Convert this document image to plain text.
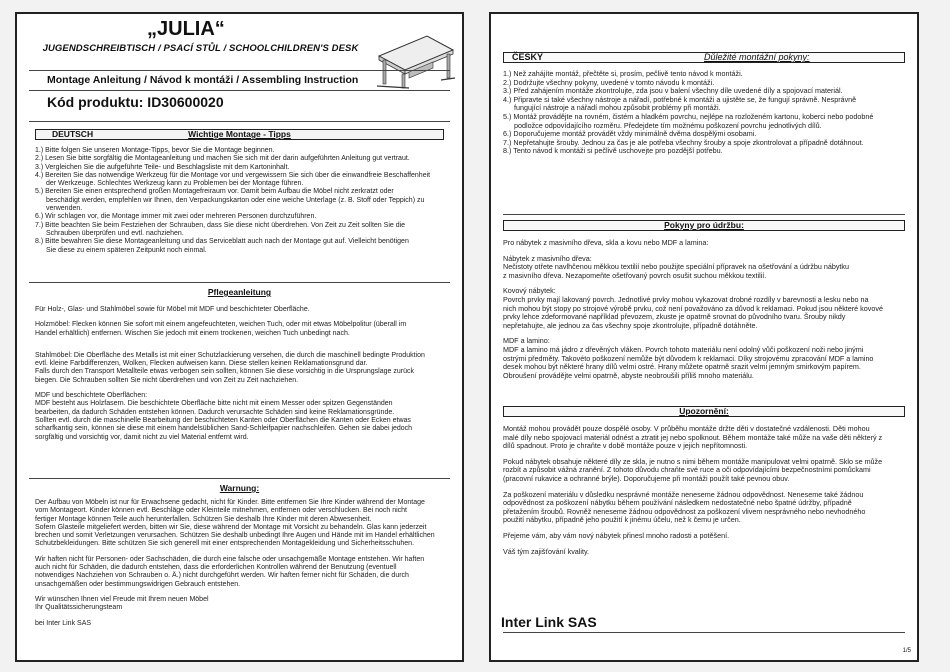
„JULIA“
JUGENDSCHREIBTISCH / PSACÍ STŮL / SCHOOLCHILDREN'S DESK
Montage Anleitung / Návod k montáži / Assembling Instruction
Kód produktu: ID30600020
DEUTSCH	Wichtige Montage - Tipps

1.) Bitte folgen Sie unseren Montage-Tipps, bevor Sie die Montage beginnen.

2.) Lesen Sie bitte sorgfältig die Montageanleitung und machen Sie sich mit der darin aufgeführten Anleitung gut vertraut.

3.) Vergleichen Sie die aufgeführte Teile- und Beschlagsliste mit dem Kartoninhalt.

4.) Bereiten Sie das notwendige Werkzeug für die Montage vor und vergewissern Sie sich über die einwandfreie Beschaffenheit

der Werkzeuge. Schlechtes Werkzeug kann zu Problemen bei der Montage führen.

5.) Bereiten Sie einen entsprechend großen Montagefreiraum vor. Damit beim Aufbau die Möbel nicht zerkratzt oder

beschädigt werden, empfehlen wir Ihnen, den Verpackungskarton oder eine weiche Unterlage (z. B. Stoff oder Teppich) zu

verwenden.

6.) Wir schlagen vor, die Montage immer mit zwei oder mehreren Personen durchzuführen.

7.) Bitte beachten Sie beim Festziehen der Schrauben, dass Sie diese nicht überdrehen. Von Zeit zu Zeit sollten Sie die

Schrauben überprüfen und evtl. nachziehen.

8.) Bitte bewahren Sie diese Montageanleitung und das Serviceblatt auch nach der Montage gut auf. Vielleicht benötigen

Sie diese zu einem späteren Zeitpunkt noch einmal.

Pflegeanleitung

Für Holz-, Glas- und Stahlmöbel sowie für Möbel mit MDF und beschichteter Oberfläche.

Holzmöbel: Flecken können Sie sofort mit einem angefeuchteten, weichen Tuch, oder mit etwas Möbelpolitur (überall im

Handel erhältlich) entfernen. Wischen Sie jedoch mit einem trockenen, weichen Tuch unbedingt nach.

Stahlmöbel: Die Oberfläche des Metalls ist mit einer Schutzlackierung versehen, die durch die maschinell bedingte Produktion

evtl. kleine Farbdifferenzen, Wolken, Flecken aufweisen kann. Diese stellen keinen Reklamationsgrund dar.

Falls durch den Transport Metallteile etwas verbogen sein sollten, können Sie diese vorsichtig in die Ursprungslage zurück

biegen. Die Schrauben sollten Sie nicht überdrehen und von Zeit zu Zeit nachziehen.

MDF und beschichtete Oberflächen:

MDF besteht aus Holzfasern. Die beschichtete Oberfläche bitte nicht mit einem Messer oder spitzen Gegenständen

bearbeiten, da dadurch Schäden entstehen können. Dadurch verursachte Schäden sind keine Reklamationsgründe.

Sollten evtl. durch die maschinelle Bearbeitung der beschichteten Kanten oder Oberflächen die Kanten oder Ecken etwas

scharfkantig sein, können sie diese mit einem handelsüblichen Sand-Schleifpapier nachschleifen. Gehen sie dabei jedoch

sorgfältig und vorsichtig vor, damit nicht zu viel Material entfernt wird.

Warnung:

Der Aufbau von Möbeln ist nur für Erwachsene gedacht, nicht für Kinder. Bitte entfernen Sie Ihre Kinder während der Montage

vom Montageort. Kinder können evtl. Beschläge oder Kleinteile mitnehmen, entfernen oder verschlucken. Bei noch nicht

fertiger Montage können Teile auch herunterfallen. Schützen Sie deshalb Ihre Kinder mit deren Abwesenheit.

Sofern Glasteile mitgeliefert werden, bitten wir Sie, diese während der Montage mit Vorsicht zu behandeln. Glas kann jederzeit

brechen und somit Verletzungen verursachen. Schützen Sie deshalb unbedingt Ihre Augen und Hände mit im Handel erhältlichen

Schutzbekleidungen. Bitte schützen Sie sich generell mit einer entsprechenden Montagekleidung und Sicherheitsschuhen.

Wir haften nicht für Personen- oder Sachschäden, die durch eine falsche oder unsachgemäße Montage entstehen. Wir haften

auch nicht für Schäden, die dadurch entstehen, dass die erforderlichen Kontrollen während der Benutzung (eventuell

notwendiges Nachziehen von Schrauben o. Ä.) nicht durchgeführt werden. Wir haften ferner nicht für Schäden, die durch

unsachgemäßen oder bestimmungswidrigen Gebrauch entstehen.

Wir wünschen Ihnen viel Freude mit Ihrem neuen Möbel

Ihr Qualitätssicherungsteam

bei Inter Link SAS

ČESKY	Důležité montážní pokyny:

1.) Než zahájíte montáž, přečtěte si, prosím, pečlivě tento návod k montáži.

2.) Dodržujte všechny pokyny, uvedené v tomto návodu k montáži.

3.) Před zahájením montáže zkontrolujte, zda jsou v balení všechny díle uvedené díly a spojovací materiál.

4.) Připravte si také všechny nástroje a nářadí, potřebné k montáži a ujistěte se, že fungují správně. Nesprávně

fungující nástroje a nářadí mohou způsobit problémy při montáži.

5.) Montáž provádějte na rovném, čistém a hladkém povrchu, nejlépe na rozloženém kartonu, koberci nebo podobné

podložce odpovídajícího rozměru. Předejdete tím možnému poškození povrchu jednotlivých dílů.

6.) Doporučujeme montáž provádět vždy minimálně dvěma dospělými osobami.

7.) Nepřetahujte šrouby. Jednou za čas je ale potřeba všechny šrouby a spoje zkontrolovat a případně dotáhnout.

8.) Tento návod k montáži si pečlivě uschovejte pro pozdější potřebu.

Pokyny pro údržbu:

Pro nábytek z masivního dřeva, skla a kovu nebo MDF a lamina:

Nábytek z masivního dřeva:

Nečistoty otřete navlhčenou měkkou textilií nebo použijte speciální přípravek na ošetřování a údržbu nábytku

z masivního dřeva. Nezapomeňte ošetřovaný povrch osušit suchou měkkou textilií.

Kovový nábytek:

Povrch prvky mají lakovaný povrch. Jednotlivé prvky mohou vykazovat drobné rozdíly v barevnosti a lesku nebo na

nich mohou být stopy po strojové výrobě prvku, což není považováno za důvod k reklamaci. Pokud jsou některé kovové

prvky lehce zdeformované například převozem, zkuste je opatrně srovnat do původního tvaru. Šrouby nikdy

nepřetahujte, ale jednou za čas všechny spoje zkontrolujte, případně dotáhněte.

MDF a lamino:

MDF a lamino má jádro z dřevěných vláken. Povrch tohoto materiálu není odolný vůči poškození noži nebo jinými

ostrými předměty. Takovéto poškození nemůže být důvodem k reklamaci. Díky strojovému zpracování MDF a lamino

desek mohou být některé hrany dílů velmi ostré. Hrany můžete opatrně srazit velmi jemným smirkovým papírem.

Obroušení provádějte velmi opatrně, abyste neobroušili příliš mnoho materiálu.

Upozornění:

Montáž mohou provádět pouze dospělé osoby. V průběhu montáže držte děti v dostatečné vzdálenosti. Děti mohou

malé díly nebo spojovací materiál odnést a ztratit jej nebo spolknout. Během montáže také může na vaše děti některý z

dílů spadnout. Proto je chraňte v době montáže pouze v jejich nepřítomnosti.

Pokud nábytek obsahuje některé díly ze skla, je nutno s nimi během montáže manipulovat velmi opatrně. Sklo se může

rozbít a způsobit vážná zranění. Z tohoto důvodu chraňte své ruce a oči odpovídajícími bezpečnostními pomůckami

(pracovní rukavice a ochranné brýle). Doporučujeme při montáži použít také pevnou obuv.

Za poškození materiálu v důsledku nesprávné montáže neneseme žádnou odpovědnost. Neneseme také žádnou

odpovědnost za poškození nábytku během používání následkem nedostatečné nebo špatné údržby, případně

přetažením šroubů. Rovněž neneseme žádnou odpovědnost za poškození vlivem nesprávného nebo nevhodného

použití nábytku, případně jeho použití k jinému účelu, než k čemu je určen.

Přejeme vám, aby vám nový nábytek přinesl mnoho radosti a potěšení.

Váš tým zajišťování kvality.

Inter Link SAS
1/5
